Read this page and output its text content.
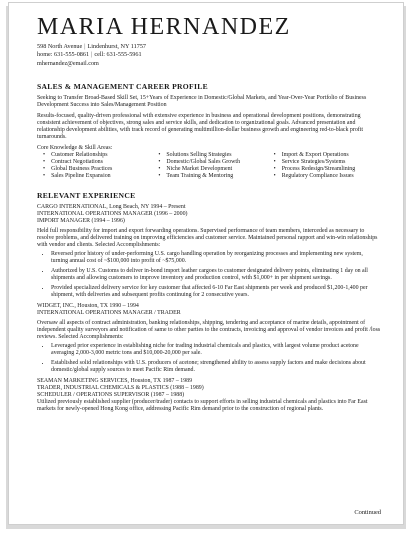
MARIA HERNANDEZ
598 North Avenue | Lindenhurst, NY 11757
home: 631-555-0861 | cell: 631-555-5961
mhernandez@email.com
SALES & MANAGEMENT CAREER PROFILE

Seeking to Transfer Broad-Based Skill Set, 15+Years of Experience in Domestic/Global Markets, and Year-Over-Year Portfolio of Business Development Success into Sales/Management Position

Results-focused, quality-driven professional with extensive experience in business and operational development positions, demonstrating consistent achievement of objectives, strong sales and service skills, and dedication to organizational goals. Advanced presentation and relationship development abilities, with track record of generating multimillion-dollar business growth and engineering red-to-black profit turnarounds.

Core Knowledge & Skill Areas:
• Customer Relationships	• Solutions Selling Strategies	• Import & Export Operations
• Contract Negotiations	• Domestic/Global Sales Growth	• Service Strategies/Systems
• Global Business Practices	• Niche Market Development	• Process Redesign/Streamlining
• Sales Pipeline Expansion	• Team Training & Mentoring	• Regulatory Compliance Issues
RELEVANT EXPERIENCE
CARGO INTERNATIONAL, Long Beach, NY 1994 – Present
INTERNATIONAL OPERATIONS MANAGER (1996 – 2000)
IMPORT MANAGER (1994 – 1996)

Held full responsibility for import and export forwarding operations. Supervised performance of team members, interceded as necessary to resolve problems, and delivered training on improving efficiencies and customer service. Maintained personal rapport and win-win relationships with vendor and clients. Selected Accomplishments:

• Reversed prior history of under-performing U.S. cargo handling operation by reorganizing processes and implementing new system, turning annual cost of ~$100,000 into profit of ~$75,000.
• Authorized by U.S. Customs to deliver in-bond import leather cargoes to customer designated delivery points, eliminating 1 day on all shipments and allowing customers to improve inventory and production control, with $1,000+ in per shipment savings.
• Provided specialized delivery service for key customer that affected 6-10 Far East shipments per week and produced $1,200-1,400 per shipment, with deliveries and subsequent profits continuing for 2 consecutive years.
WIDGET, INC., Houston, TX 1990 – 1994
INTERNATIONAL OPERATIONS MANAGER / TRADER

Oversaw all aspects of contract administration, banking relationships, shipping, tendering and acceptance of marine details, appointment of independent quality surveyors and notification of same to other parties to the contracts, invoicing and approval of vendor invoices and profit /loss reviews. Selected Accomplishments:

• Leveraged prior experience in establishing niche for trading industrial chemicals and plastics, with largest volume product acetone averaging 2,000-3,000 metric tons and $10,000-20,000 per sale.
• Established solid relationships with U.S. producers of acetone; strengthened ability to assess supply factors and make decisions about domestic/global supply sources to meet Pacific Rim demand.
SEAMAN MARKETING SERVICES, Houston, TX 1987 – 1989
TRADER, INDUSTRIAL CHEMICALS & PLASTICS (1988 – 1989)
SCHEDULER / OPERATIONS SUPERVISOR (1987 – 1988)

Utilized previously established supplier (producer/trader) contacts to support efforts in selling industrial chemicals and plastics into Far East markets for newly-opened Hong Kong office, addressing Pacific Rim demand prior to the construction of regional plants.

Continued
